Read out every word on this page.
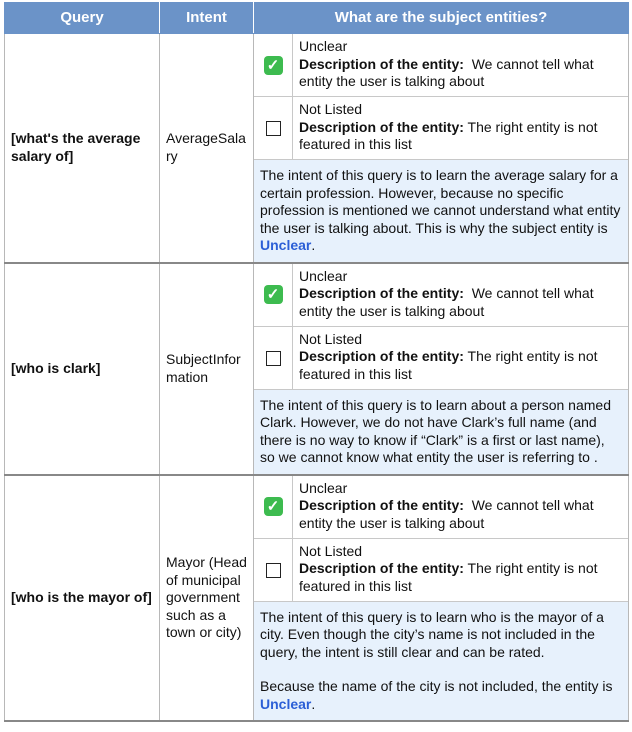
Query	Intent	What are the subject entities?
[what's the average salary of]	AverageSalary	
✓	
Unclear
Description of the entity: We cannot tell what entity the user is talking about

Not Listed
Description of the entity: The right entity is not featured in this list
The intent of this query is to learn the average salary for a certain profession. However, because no specific profession is mentioned we cannot understand what entity the user is talking about. This is why the subject entity is Unclear.

[who is clark]	SubjectInformation	
✓	
Unclear
Description of the entity: We cannot tell what entity the user is talking about

Not Listed
Description of the entity: The right entity is not featured in this list
The intent of this query is to learn about a person named Clark. However, we do not have Clark’s full name (and there is no way to know if “Clark” is a first or last name), so we cannot know what entity the user is referring to .

[who is the mayor of]	Mayor (Head of municipal government such as a town or city)	
✓	
Unclear
Description of the entity: We cannot tell what entity the user is talking about

Not Listed
Description of the entity: The right entity is not featured in this list
The intent of this query is to learn who is the mayor of a city. Even though the city’s name is not included in the query, the intent is still clear and can be rated.
Because the name of the city is not included, the entity is Unclear.
